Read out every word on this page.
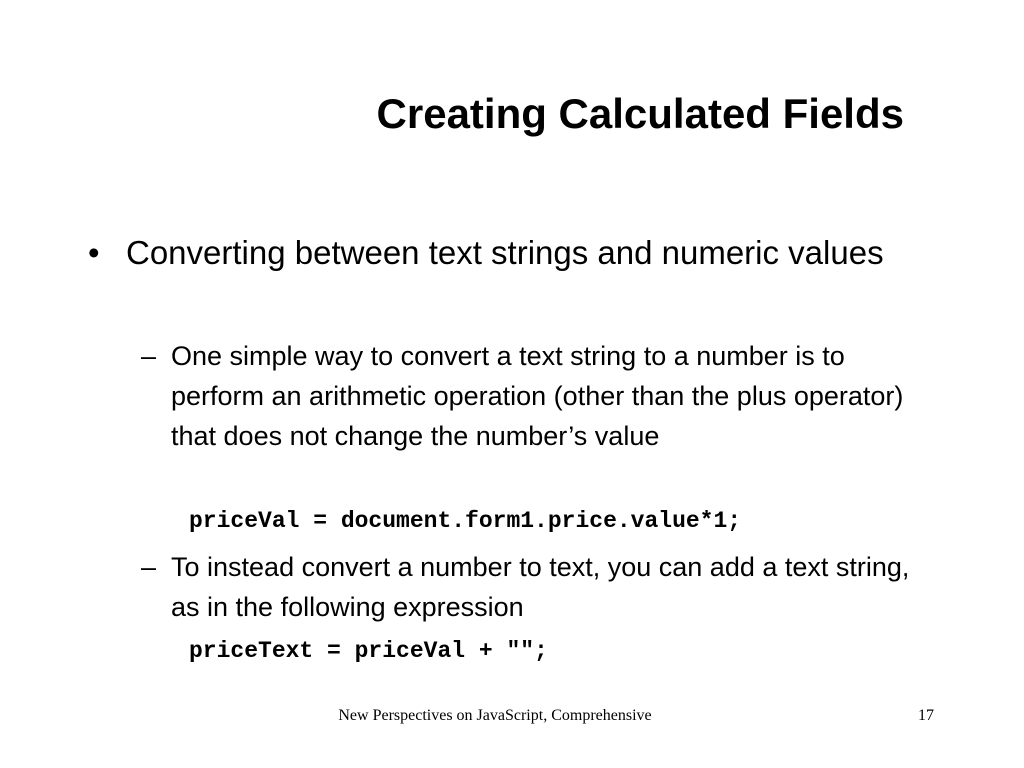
Creating Calculated Fields
• Converting between text strings and numeric values
– One simple way to convert a text string to a number is to perform an arithmetic operation (other than the plus operator) that does not change the number’s value
priceVal = document.form1.price.value*1;
– To instead convert a number to text, you can add a text string, as in the following expression
priceText = priceVal + "";
New Perspectives on JavaScript, Comprehensive	17
